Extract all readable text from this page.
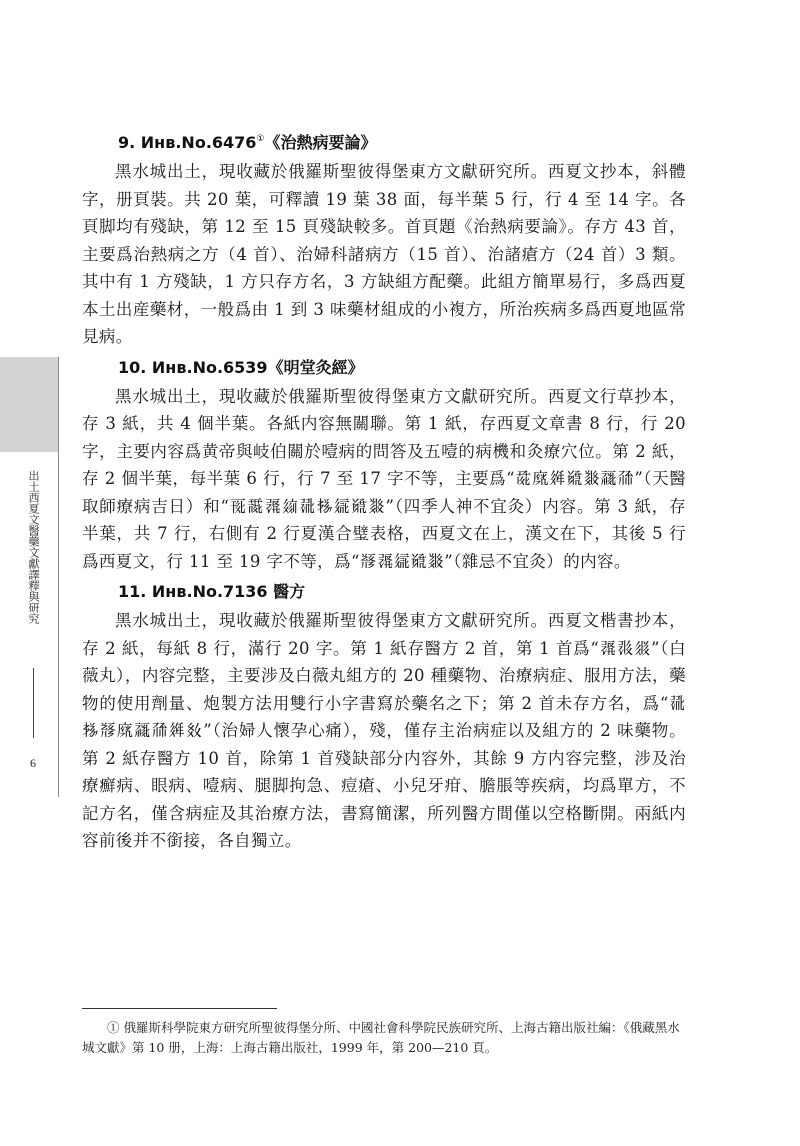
出土西夏文醫藥文獻譯釋與研究
6
9. Инв.No.6476①《治熱病要論》

黑水城出土，現收藏於俄羅斯聖彼得堡東方文獻研究所。西夏文抄本，斜體字，册頁裝。共 20 葉，可釋讀 19 葉 38 面，每半葉 5 行，行 4 至 14 字。各頁脚均有殘缺，第 12 至 15 頁殘缺較多。首頁題《治熱病要論》。存方 43 首，主要爲治熱病之方（4 首）、治婦科諸病方（15 首）、治諸瘡方（24 首）3 類。其中有 1 方殘缺，1 方只存方名，3 方缺組方配藥。此組方簡單易行，多爲西夏本土出産藥材，一般爲由 1 到 3 味藥材組成的小複方，所治疾病多爲西夏地區常見病。

10. Инв.No.6539《明堂灸經》

黑水城出土，現收藏於俄羅斯聖彼得堡東方文獻研究所。西夏文行草抄本，存 3 紙，共 4 個半葉。各紙内容無關聯。第 1 紙，存西夏文章書 8 行，行 20 字，主要内容爲黄帝與岐伯關於噎病的問答及五噎的病機和灸療穴位。第 2 紙，存 2 個半葉，每半葉 6 行，行 7 至 17 字不等，主要爲“𗱕𗐢𗤶𘍦𘏨𗹙𗗙”（天醫取師療病吉日）和“𗀔𗵘𗖛𗦻𗖚𗈪𗦇𘍦𘏨”（四季人神不宜灸）内容。第 3 紙，存半葉，共 7 行，右側有 2 行夏漢合璧表格，西夏文在上，漢文在下，其後 5 行爲西夏文，行 11 至 19 字不等，爲“𘃡𗖛𗦇𘍦𘏨”（雜忌不宜灸）的内容。

11. Инв.No.7136 醫方

黑水城出土，現收藏於俄羅斯聖彼得堡東方文獻研究所。西夏文楷書抄本，存 2 紙，每紙 8 行，滿行 20 字。第 1 紙存醫方 2 首，第 1 首爲“𗖛𗖃𗼎”（白薇丸），内容完整，主要涉及白薇丸組方的 20 種藥物、治療病症、服用方法，藥物的使用劑量、炮製方法用雙行小字書寫於藥名之下；第 2 首未存方名，爲“𗖚𗈪𘃡𗐢𗹙𗗙𗤶𗾈”（治婦人懷孕心痛），殘，僅存主治病症以及組方的 2 味藥物。第 2 紙存醫方 10 首，除第 1 首殘缺部分内容外，其餘 9 方内容完整，涉及治療癬病、眼病、噎病、腿脚拘急、痘瘡、小兒牙疳、膽脹等疾病，均爲單方，不記方名，僅含病症及其治療方法，書寫簡潔，所列醫方間僅以空格斷開。兩紙内容前後并不銜接，各自獨立。

① 俄羅斯科學院東方研究所聖彼得堡分所、中國社會科學院民族研究所、上海古籍出版社編：《俄藏黑水城文獻》第 10 册，上海：上海古籍出版社，1999 年，第 200—210 頁。
